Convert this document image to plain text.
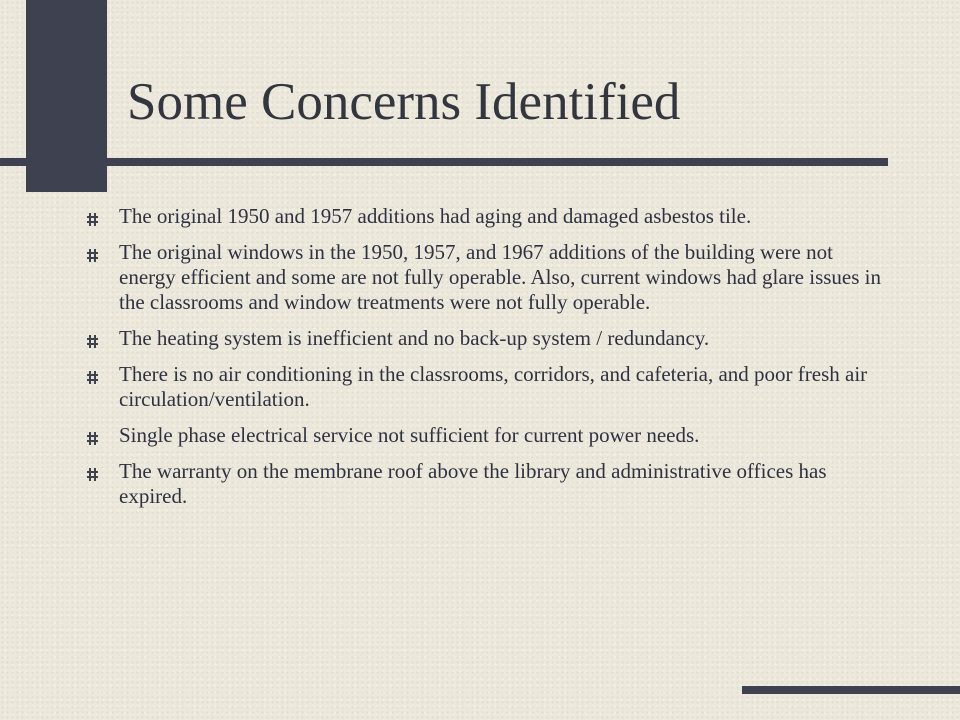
Some Concerns Identified
The original 1950 and 1957 additions had aging and damaged asbestos tile.
The original windows in the 1950, 1957, and 1967 additions of the building were not energy efficient and some are not fully operable. Also, current windows had glare issues in the classrooms and window treatments were not fully operable.
The heating system is inefficient and no back-up system / redundancy.
There is no air conditioning in the classrooms, corridors, and cafeteria, and poor fresh air circulation/ventilation.
Single phase electrical service not sufficient for current power needs.
The warranty on the membrane roof above the library and administrative offices has expired.
